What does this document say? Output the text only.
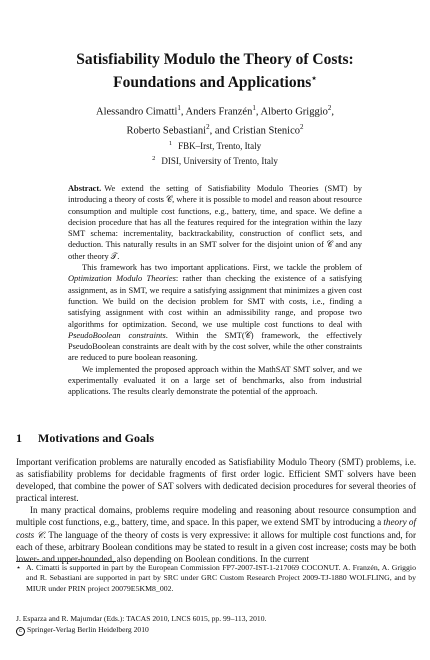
Satisfiability Modulo the Theory of Costs:
Foundations and Applications⋆
Alessandro Cimatti$^1$, Anders Franzén$^1$, Alberto Griggio$^2$,
Roberto Sebastiani$^2$, and Cristian Stenico$^2$
$^1$ FBK–Irst, Trento, Italy
$^2$ DISI, University of Trento, Italy

Abstract. We extend the setting of Satisfiability Modulo Theories (SMT) by introducing a theory of costs 𝒞, where it is possible to model and reason about resource consumption and multiple cost functions, e.g., battery, time, and space. We define a decision procedure that has all the features required for the integration within the lazy SMT schema: incrementality, backtrackability, construction of conflict sets, and deduction. This naturally results in an SMT solver for the disjoint union of 𝒞 and any other theory 𝒯.

This framework has two important applications. First, we tackle the problem of Optimization Modulo Theories: rather than checking the existence of a satisfying assignment, as in SMT, we require a satisfying assignment that minimizes a given cost function. We build on the decision problem for SMT with costs, i.e., finding a satisfying assignment with cost within an admissibility range, and propose two algorithms for optimization. Second, we use multiple cost functions to deal with PseudoBoolean constraints. Within the SMT(𝒞) framework, the effectively PseudoBoolean constraints are dealt with by the cost solver, while the other constraints are reduced to pure boolean reasoning.

We implemented the proposed approach within the MathSAT SMT solver, and we experimentally evaluated it on a large set of benchmarks, also from industrial applications. The results clearly demonstrate the potential of the approach.

1 Motivations and Goals

Important verification problems are naturally encoded as Satisfiability Modulo Theory (SMT) problems, i.e. as satisfiability problems for decidable fragments of first order logic. Efficient SMT solvers have been developed, that combine the power of SAT solvers with dedicated decision procedures for several theories of practical interest.

In many practical domains, problems require modeling and reasoning about resource consumption and multiple cost functions, e.g., battery, time, and space. In this paper, we extend SMT by introducing a theory of costs 𝒞. The language of the theory of costs is very expressive: it allows for multiple cost functions and, for each of these, arbitrary Boolean conditions may be stated to result in a given cost increase; costs may be both lower- and upper-bounded, also depending on Boolean conditions. In the current

⋆ A. Cimatti is supported in part by the European Commission FP7-2007-IST-1-217069 COCONUT. A. Franzén, A. Griggio and R. Sebastiani are supported in part by SRC under GRC Custom Research Project 2009-TJ-1880 WOLFLING, and by MIUR under PRIN project 20079E5KM8_002.
J. Esparza and R. Majumdar (Eds.): TACAS 2010, LNCS 6015, pp. 99–113, 2010.
c Springer-Verlag Berlin Heidelberg 2010
